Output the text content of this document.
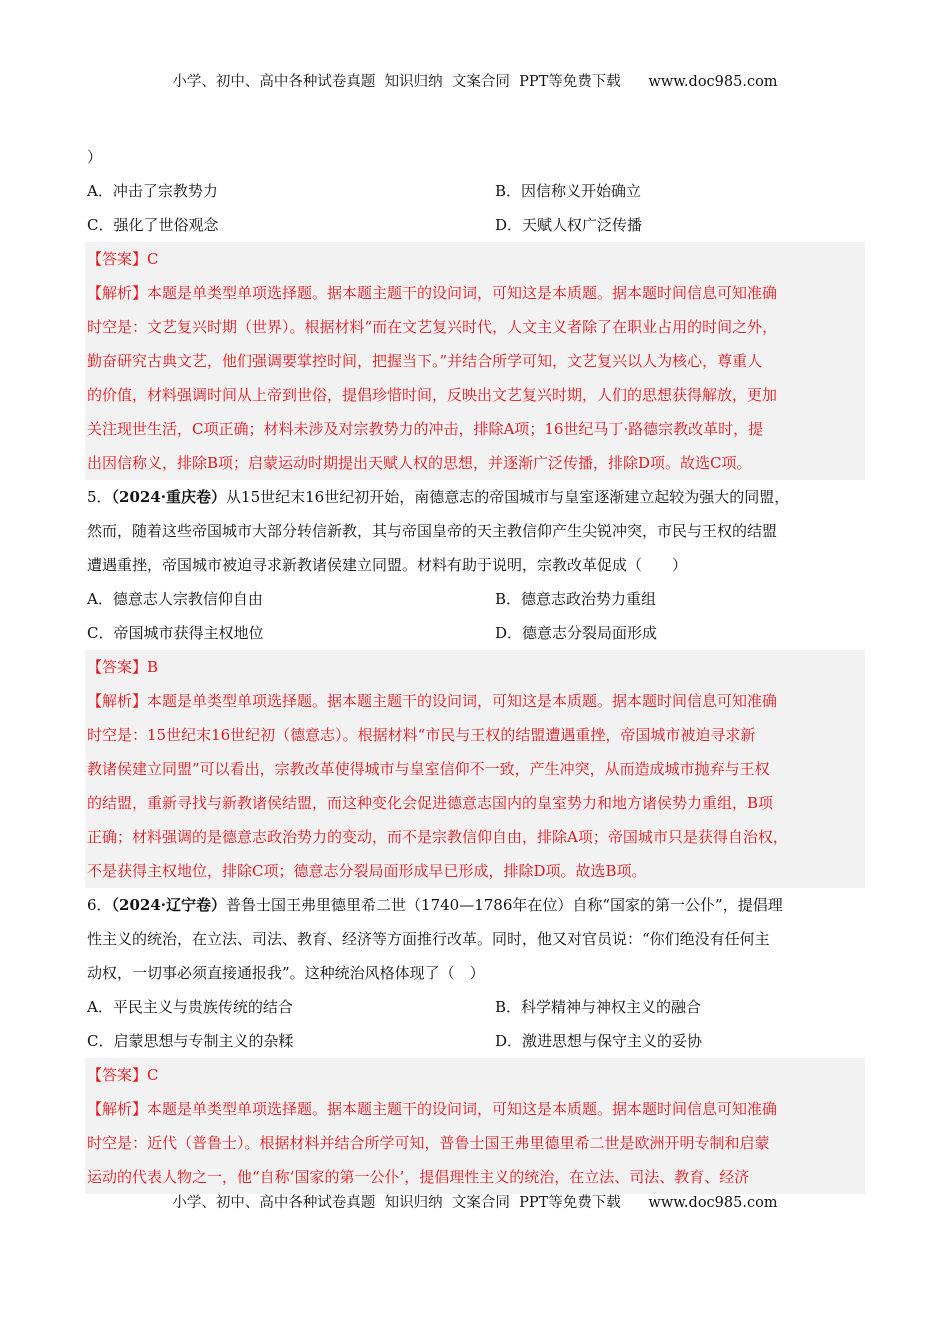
小学、初中、高中各种试卷真题  知识归纳  文案合同  PPT等免费下载      www.doc985.com
）
A．冲击了宗教势力	B．因信称义开始确立
C．强化了世俗观念	D．天赋人权广泛传播
【答案】C
【解析】本题是单类型单项选择题。据本题主题干的设问词，可知这是本质题。据本题时间信息可知准确
时空是：文艺复兴时期（世界）。根据材料“而在文艺复兴时代，人文主义者除了在职业占用的时间之外，
勤奋研究古典文艺，他们强调要掌控时间，把握当下。”并结合所学可知，文艺复兴以人为核心，尊重人
的价值，材料强调时间从上帝到世俗，提倡珍惜时间，反映出文艺复兴时期，人们的思想获得解放，更加
关注现世生活，C项正确；材料未涉及对宗教势力的冲击，排除A项；16世纪马丁·路德宗教改革时，提
出因信称义，排除B项；启蒙运动时期提出天赋人权的思想，并逐渐广泛传播，排除D项。故选C项。
5．（2024·重庆卷）从15世纪末16世纪初开始，南德意志的帝国城市与皇室逐渐建立起较为强大的同盟，
然而，随着这些帝国城市大部分转信新教，其与帝国皇帝的天主教信仰产生尖锐冲突，市民与王权的结盟
遭遇重挫，帝国城市被迫寻求新教诸侯建立同盟。材料有助于说明，宗教改革促成（　　）
A．德意志人宗教信仰自由	B．德意志政治势力重组
C．帝国城市获得主权地位	D．德意志分裂局面形成
【答案】B
【解析】本题是单类型单项选择题。据本题主题干的设问词，可知这是本质题。据本题时间信息可知准确
时空是：15世纪末16世纪初（德意志）。根据材料“市民与王权的结盟遭遇重挫，帝国城市被迫寻求新
教诸侯建立同盟”可以看出，宗教改革使得城市与皇室信仰不一致，产生冲突，从而造成城市抛弃与王权
的结盟，重新寻找与新教诸侯结盟，而这种变化会促进德意志国内的皇室势力和地方诸侯势力重组，B项
正确；材料强调的是德意志政治势力的变动，而不是宗教信仰自由，排除A项；帝国城市只是获得自治权，
不是获得主权地位，排除C项；德意志分裂局面形成早已形成，排除D项。故选B项。
6．（2024·辽宁卷）普鲁士国王弗里德里希二世（1740—1786年在位）自称“国家的第一公仆”，提倡理
性主义的统治，在立法、司法、教育、经济等方面推行改革。同时，他又对官员说：“你们绝没有任何主
动权，一切事必须直接通报我”。这种统治风格体现了（　）
A．平民主义与贵族传统的结合	B．科学精神与神权主义的融合
C．启蒙思想与专制主义的杂糅	D．激进思想与保守主义的妥协
【答案】C
【解析】本题是单类型单项选择题。据本题主题干的设问词，可知这是本质题。据本题时间信息可知准确
时空是：近代（普鲁士）。根据材料并结合所学可知，普鲁士国王弗里德里希二世是欧洲开明专制和启蒙
运动的代表人物之一，他“自称‘国家的第一公仆’，提倡理性主义的统治，在立法、司法、教育、经济
小学、初中、高中各种试卷真题  知识归纳  文案合同  PPT等免费下载      www.doc985.com
